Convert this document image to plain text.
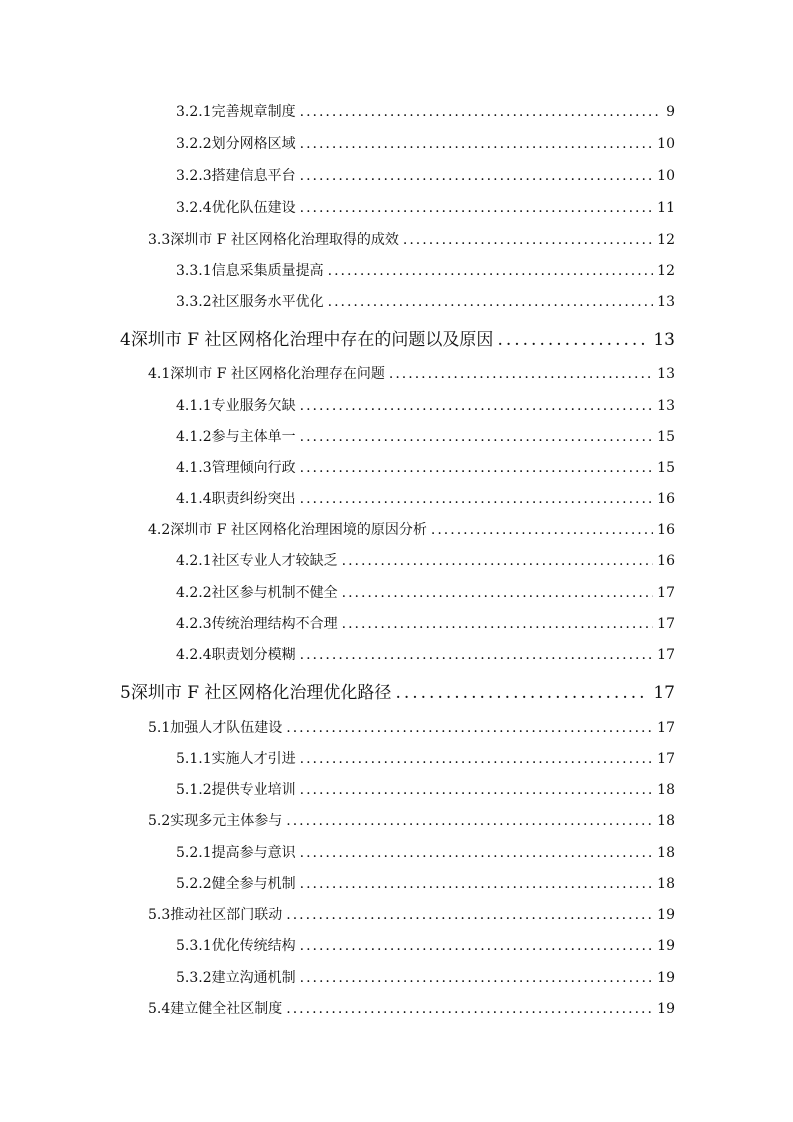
3.2.1 完善规章制度 .....	9
3.2.2 划分网格区域 .....	10
3.2.3 搭建信息平台 .....	10
3.2.4 优化队伍建设 .....	11
3.3 深圳市 F 社区网格化治理取得的成效 .....	12
3.3.1 信息采集质量提高 .....	12
3.3.2 社区服务水平优化 .....	13
4 深圳市 F 社区网格化治理中存在的问题以及原因 .....	13
4.1 深圳市 F 社区网格化治理存在问题 .....	13
4.1.1 专业服务欠缺 .....	13
4.1.2 参与主体单一 .....	15
4.1.3 管理倾向行政 .....	15
4.1.4 职责纠纷突出 .....	16
4.2 深圳市 F 社区网格化治理困境的原因分析 .....	16
4.2.1 社区专业人才较缺乏 .....	16
4.2.2 社区参与机制不健全 .....	17
4.2.3 传统治理结构不合理 .....	17
4.2.4 职责划分模糊 .....	17
5 深圳市 F 社区网格化治理优化路径 .....	17
5.1 加强人才队伍建设 .....	17
5.1.1 实施人才引进 .....	17
5.1.2 提供专业培训 .....	18
5.2 实现多元主体参与 .....	18
5.2.1 提高参与意识 .....	18
5.2.2 健全参与机制 .....	18
5.3 推动社区部门联动 .....	19
5.3.1 优化传统结构 .....	19
5.3.2 建立沟通机制 .....	19
5.4 建立健全社区制度 .....	19
